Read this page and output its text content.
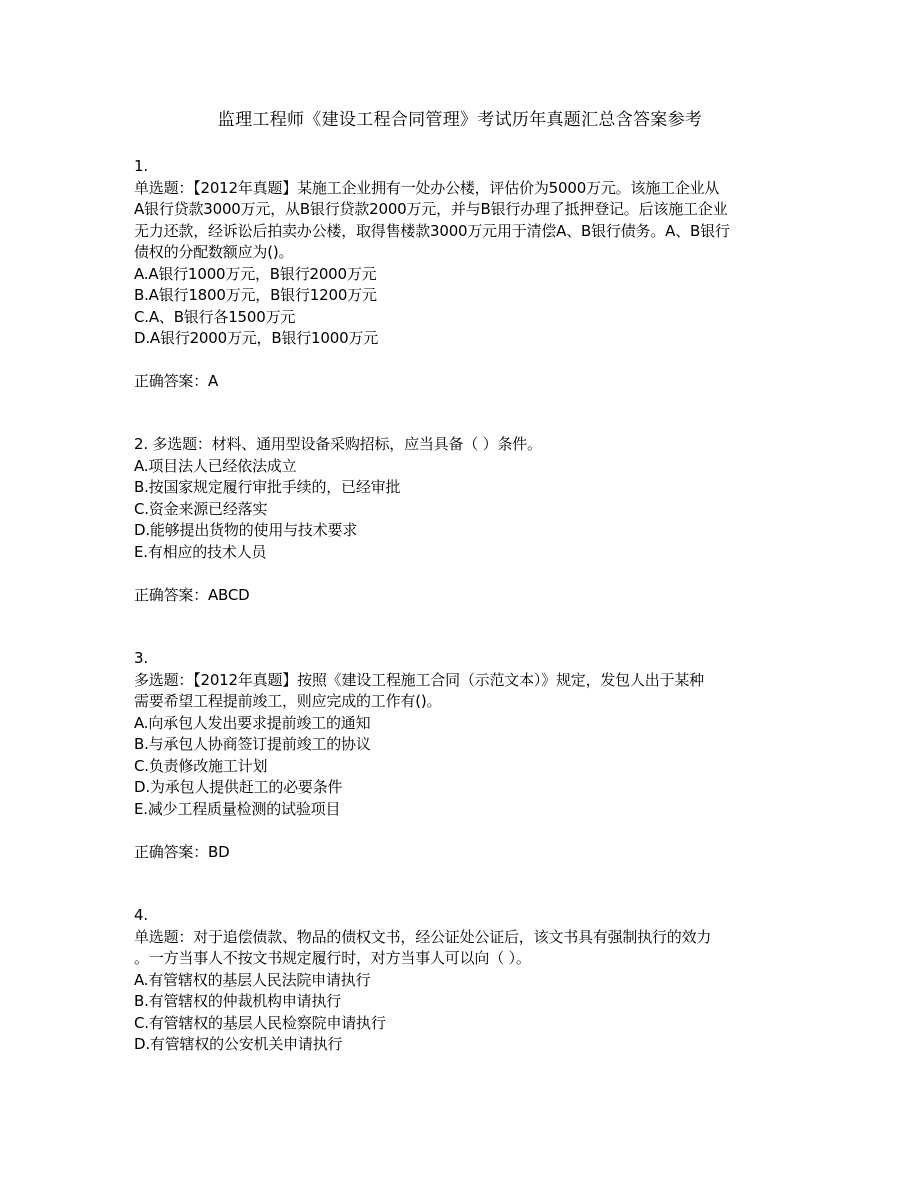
监理工程师《建设工程合同管理》考试历年真题汇总含答案参考
1.
单选题：【2012年真题】某施工企业拥有一处办公楼，评估价为5000万元。该施工企业从
A银行贷款3000万元，从B银行贷款2000万元，并与B银行办理了抵押登记。后该施工企业
无力还款，经诉讼后拍卖办公楼，取得售楼款3000万元用于清偿A、B银行债务。A、B银行
债权的分配数额应为()。
A.A银行1000万元，B银行2000万元
B.A银行1800万元，B银行1200万元
C.A、B银行各1500万元
D.A银行2000万元，B银行1000万元
正确答案：A
2. 多选题：材料、通用型设备采购招标，应当具备（ ）条件。
A.项目法人已经依法成立
B.按国家规定履行审批手续的，已经审批
C.资金来源已经落实
D.能够提出货物的使用与技术要求
E.有相应的技术人员
正确答案：ABCD
3.
多选题：【2012年真题】按照《建设工程施工合同（示范文本）》规定，发包人出于某种
需要希望工程提前竣工，则应完成的工作有()。
A.向承包人发出要求提前竣工的通知
B.与承包人协商签订提前竣工的协议
C.负责修改施工计划
D.为承包人提供赶工的必要条件
E.减少工程质量检测的试验项目
正确答案：BD
4.
单选题：对于追偿债款、物品的债权文书，经公证处公证后，该文书具有强制执行的效力
。一方当事人不按文书规定履行时，对方当事人可以向（ ）。
A.有管辖权的基层人民法院申请执行
B.有管辖权的仲裁机构申请执行
C.有管辖权的基层人民检察院申请执行
D.有管辖权的公安机关申请执行
